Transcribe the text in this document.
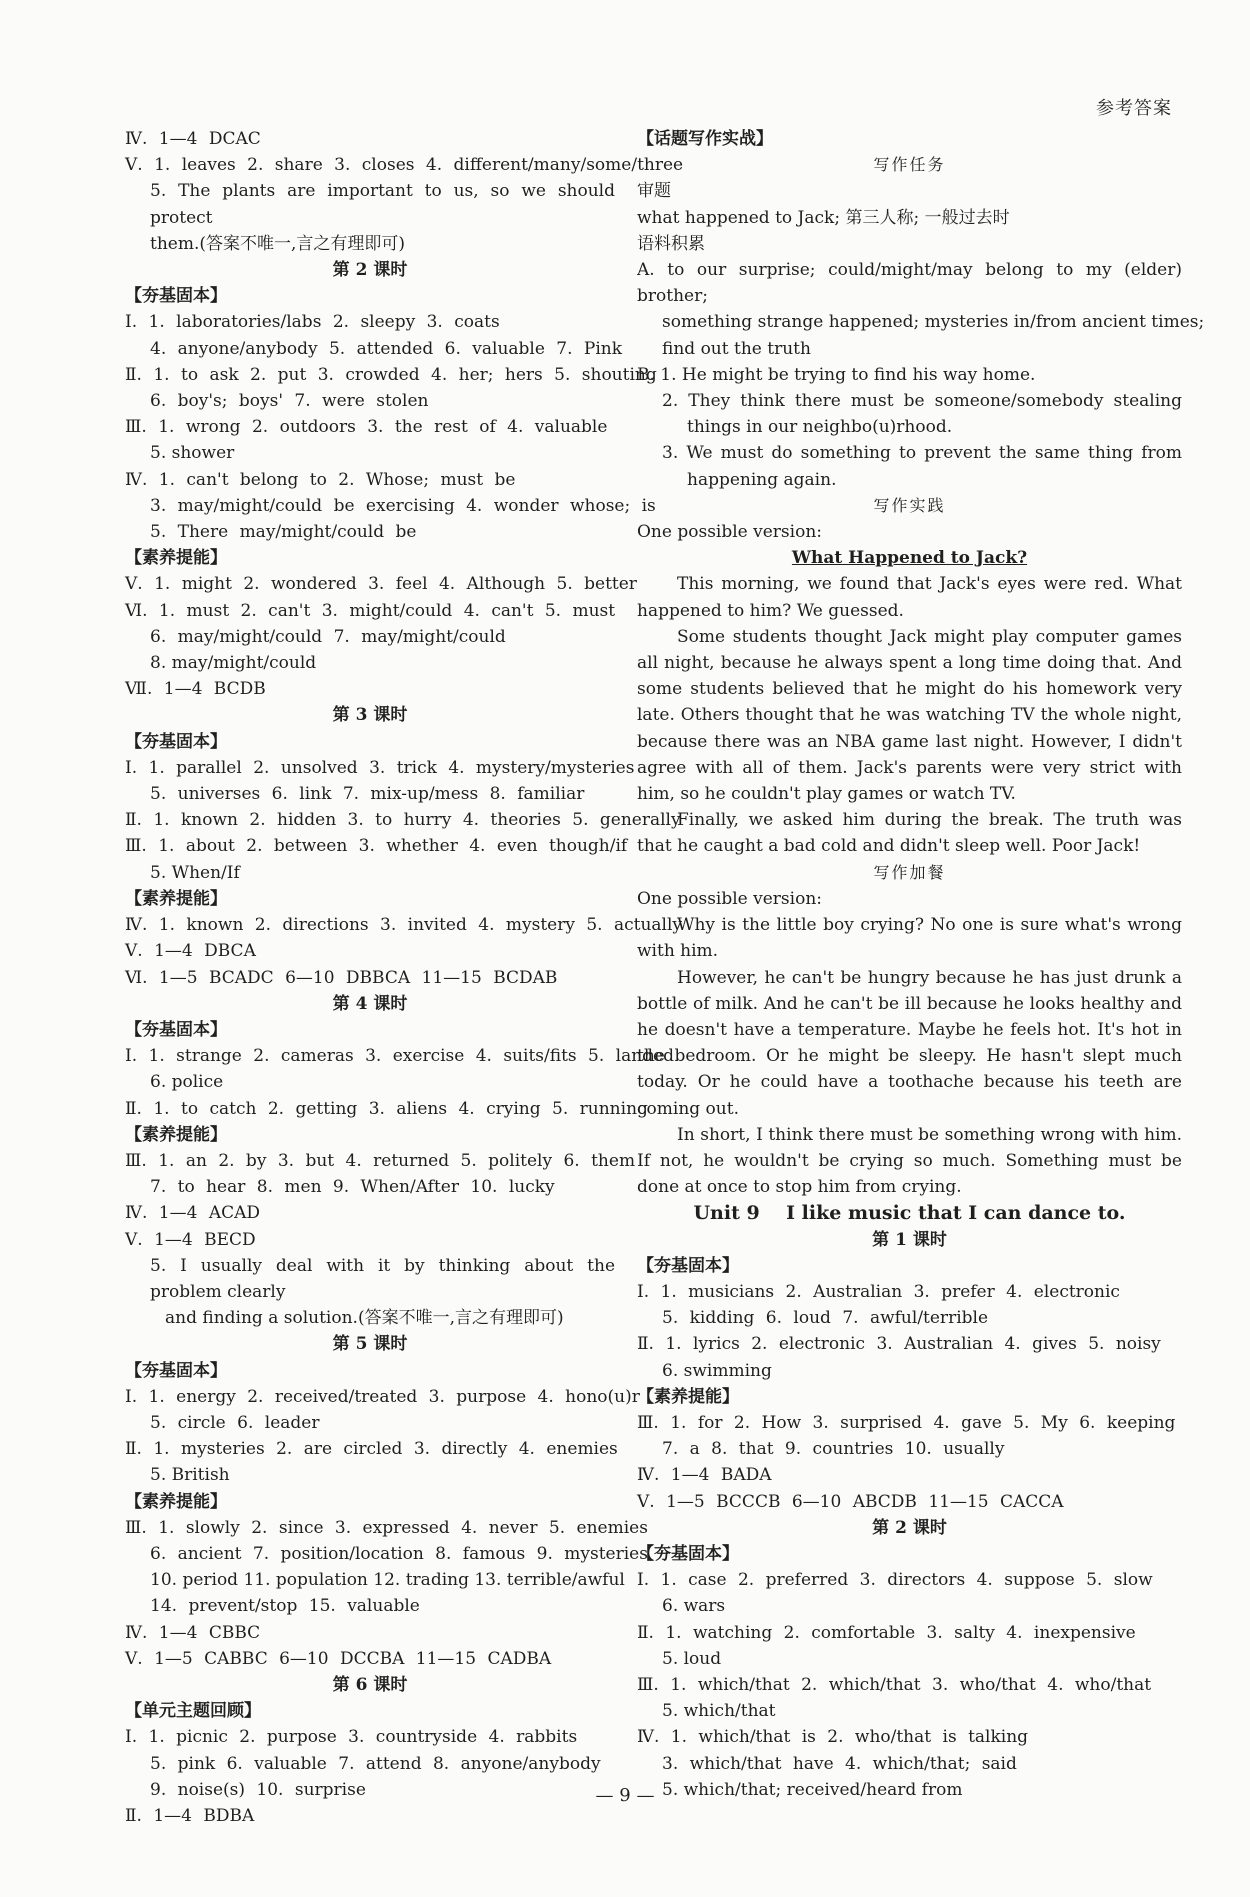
参考答案
Ⅳ. 1—4 DCAC
Ⅴ. 1. leaves 2. share 3. closes 4. different/many/some/three
5. The plants are important to us, so we should protect
them.(答案不唯一,言之有理即可)
第 2 课时
【夯基固本】
Ⅰ. 1. laboratories/labs 2. sleepy 3. coats
4. anyone/anybody 5. attended 6. valuable 7. Pink
Ⅱ. 1. to ask 2. put 3. crowded 4. her; hers 5. shouting
6. boy's; boys' 7. were stolen
Ⅲ. 1. wrong 2. outdoors 3. the rest of 4. valuable
5. shower
Ⅳ. 1. can't belong to 2. Whose; must be
3. may/might/could be exercising 4. wonder whose; is
5. There may/might/could be
【素养提能】
Ⅴ. 1. might 2. wondered 3. feel 4. Although 5. better
Ⅵ. 1. must 2. can't 3. might/could 4. can't 5. must
6. may/might/could 7. may/might/could
8. may/might/could
Ⅶ. 1—4 BCDB
第 3 课时
【夯基固本】
Ⅰ. 1. parallel 2. unsolved 3. trick 4. mystery/mysteries
5. universes 6. link 7. mix-up/mess 8. familiar
Ⅱ. 1. known 2. hidden 3. to hurry 4. theories 5. generally
Ⅲ. 1. about 2. between 3. whether 4. even though/if
5. When/If
【素养提能】
Ⅳ. 1. known 2. directions 3. invited 4. mystery 5. actually
Ⅴ. 1—4 DBCA
Ⅵ. 1—5 BCADC 6—10 DBBCA 11—15 BCDAB
第 4 课时
【夯基固本】
Ⅰ. 1. strange 2. cameras 3. exercise 4. suits/fits 5. landed
6. police
Ⅱ. 1. to catch 2. getting 3. aliens 4. crying 5. running
【素养提能】
Ⅲ. 1. an 2. by 3. but 4. returned 5. politely 6. them
7. to hear 8. men 9. When/After 10. lucky
Ⅳ. 1—4 ACAD
Ⅴ. 1—4 BECD
5. I usually deal with it by thinking about the problem clearly
and finding a solution.(答案不唯一,言之有理即可)
第 5 课时
【夯基固本】
Ⅰ. 1. energy 2. received/treated 3. purpose 4. hono(u)r
5. circle 6. leader
Ⅱ. 1. mysteries 2. are circled 3. directly 4. enemies
5. British
【素养提能】
Ⅲ. 1. slowly 2. since 3. expressed 4. never 5. enemies
6. ancient 7. position/location 8. famous 9. mysteries
10. period 11. population 12. trading 13. terrible/awful
14. prevent/stop 15. valuable
Ⅳ. 1—4 CBBC
Ⅴ. 1—5 CABBC 6—10 DCCBA 11—15 CADBA
第 6 课时
【单元主题回顾】
Ⅰ. 1. picnic 2. purpose 3. countryside 4. rabbits
5. pink 6. valuable 7. attend 8. anyone/anybody
9. noise(s) 10. surprise
Ⅱ. 1—4 BDBA
【话题写作实战】
写作任务
审题
what happened to Jack; 第三人称; 一般过去时
语料积累
A. to our surprise; could/might/may belong to my (elder) brother;
something strange happened; mysteries in/from ancient times;
find out the truth
B. 1. He might be trying to find his way home.
2. They think there must be someone/somebody stealing things in our neighbo(u)rhood.
3. We must do something to prevent the same thing from happening again.
写作实践
One possible version:
What Happened to Jack?
This morning, we found that Jack's eyes were red. What happened to him? We guessed.
Some students thought Jack might play computer games all night, because he always spent a long time doing that. And some students believed that he might do his homework very late. Others thought that he was watching TV the whole night, because there was an NBA game last night. However, I didn't agree with all of them. Jack's parents were very strict with him, so he couldn't play games or watch TV.
Finally, we asked him during the break. The truth was that he caught a bad cold and didn't sleep well. Poor Jack!
写作加餐
One possible version:
Why is the little boy crying? No one is sure what's wrong with him.
However, he can't be hungry because he has just drunk a bottle of milk. And he can't be ill because he looks healthy and he doesn't have a temperature. Maybe he feels hot. It's hot in the bedroom. Or he might be sleepy. He hasn't slept much today. Or he could have a toothache because his teeth are coming out.
In short, I think there must be something wrong with him. If not, he wouldn't be crying so much. Something must be done at once to stop him from crying.
Unit 9    I like music that I can dance to.
第 1 课时
【夯基固本】
Ⅰ. 1. musicians 2. Australian 3. prefer 4. electronic
5. kidding 6. loud 7. awful/terrible
Ⅱ. 1. lyrics 2. electronic 3. Australian 4. gives 5. noisy
6. swimming
【素养提能】
Ⅲ. 1. for 2. How 3. surprised 4. gave 5. My 6. keeping
7. a 8. that 9. countries 10. usually
Ⅳ. 1—4 BADA
Ⅴ. 1—5 BCCCB 6—10 ABCDB 11—15 CACCA
第 2 课时
【夯基固本】
Ⅰ. 1. case 2. preferred 3. directors 4. suppose 5. slow
6. wars
Ⅱ. 1. watching 2. comfortable 3. salty 4. inexpensive
5. loud
Ⅲ. 1. which/that 2. which/that 3. who/that 4. who/that
5. which/that
Ⅳ. 1. which/that is 2. who/that is talking
3. which/that have 4. which/that; said
5. which/that; received/heard from
— 9 —
